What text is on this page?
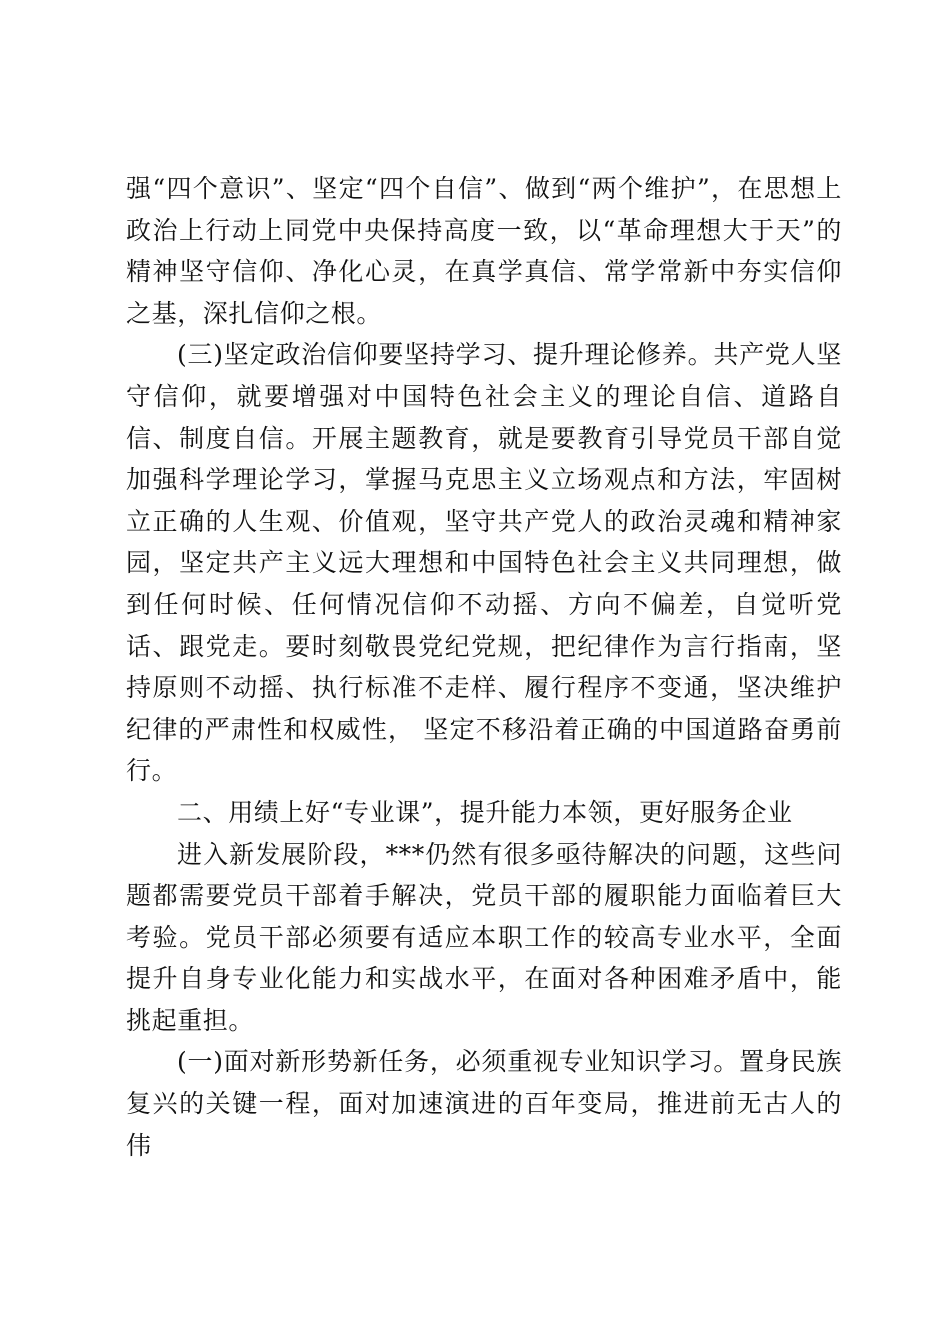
强“四个意识”、坚定“四个自信”、做到“两个维护”，在思想上政治上行动上同党中央保持高度一致，以“革命理想大于天”的精神坚守信仰、净化心灵，在真学真信、常学常新中夯实信仰之基，深扎信仰之根。

(三)坚定政治信仰要坚持学习、提升理论修养。共产党人坚守信仰，就要增强对中国特色社会主义的理论自信、道路自信、制度自信。开展主题教育，就是要教育引导党员干部自觉加强科学理论学习，掌握马克思主义立场观点和方法，牢固树立正确的人生观、价值观，坚守共产党人的政治灵魂和精神家园，坚定共产主义远大理想和中国特色社会主义共同理想，做到任何时候、任何情况信仰不动摇、方向不偏差，自觉听党话、跟党走。要时刻敬畏党纪党规，把纪律作为言行指南，坚持原则不动摇、执行标准不走样、履行程序不变通，坚决维护纪律的严肃性和权威性， 坚定不移沿着正确的中国道路奋勇前行。

二、用绩上好“专业课”，提升能力本领，更好服务企业

进入新发展阶段，***仍然有很多亟待解决的问题，这些问题都需要党员干部着手解决，党员干部的履职能力面临着巨大考验。党员干部必须要有适应本职工作的较高专业水平，全面提升自身专业化能力和实战水平，在面对各种困难矛盾中，能挑起重担。

(一)面对新形势新任务，必须重视专业知识学习。置身民族复兴的关键一程，面对加速演进的百年变局，推进前无古人的伟
